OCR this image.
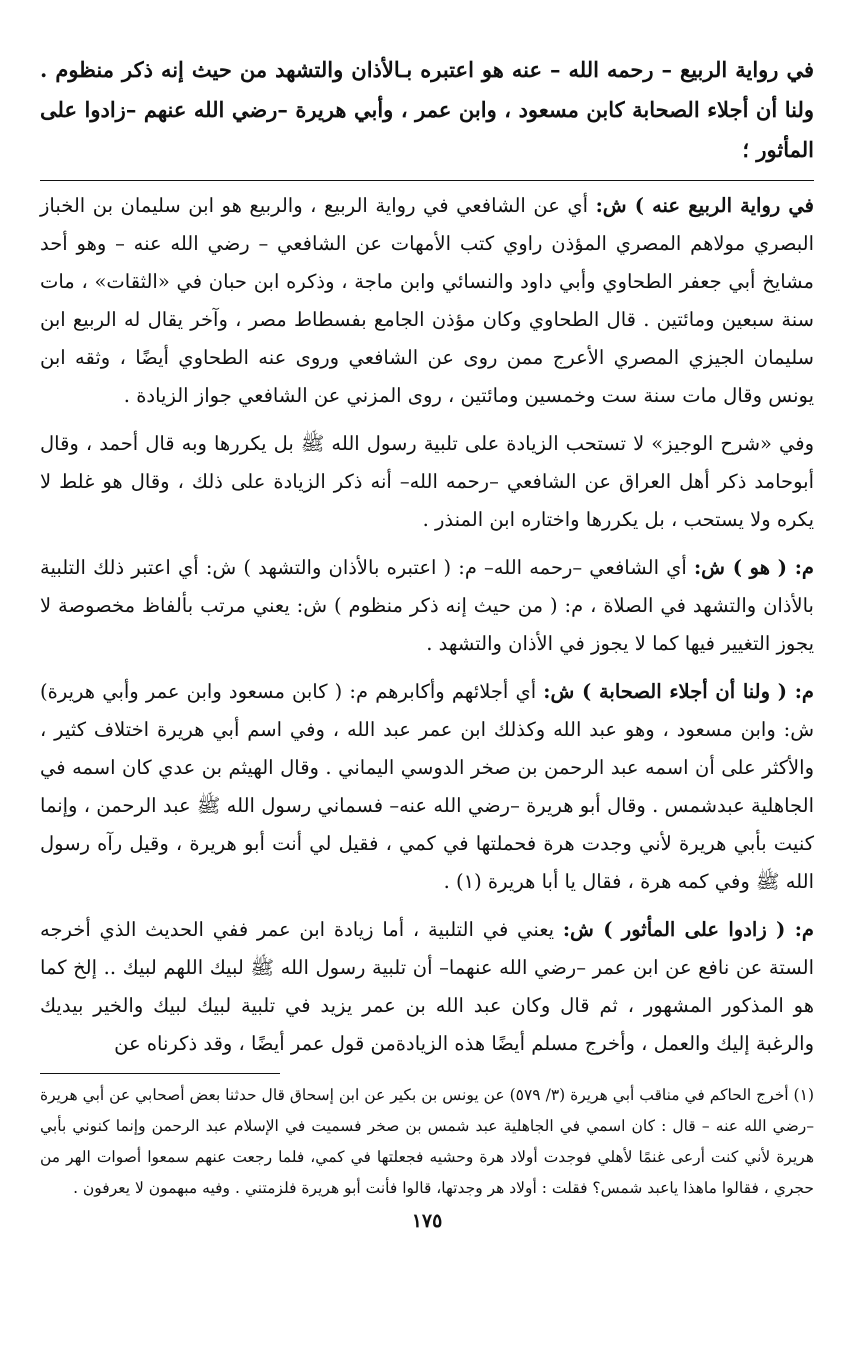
في رواية الربيع – رحمه الله – عنه هو اعتبره بـالأذان والتشهد من حيث إنه ذكر منظوم . ولنا أن أجلاء الصحابة كابن مسعود ، وابن عمر ، وأبي هريرة –رضي الله عنهم –زادوا على المأثور ؛

في رواية الربيع عنه ) ش: أي عن الشافعي في رواية الربيع ، والربيع هو ابن سليمان بن الخباز البصري مولاهم المصري المؤذن راوي كتب الأمهات عن الشافعي – رضي الله عنه – وهو أحد مشايخ أبي جعفر الطحاوي وأبي داود والنسائي وابن ماجة ، وذكره ابن حبان في «الثقات» ، مات سنة سبعين ومائتين . قال الطحاوي وكان مؤذن الجامع بفسطاط مصر ، وآخر يقال له الربيع ابن سليمان الجيزي المصري الأعرج ممن روى عن الشافعي وروى عنه الطحاوي أيضًا ، وثقه ابن يونس وقال مات سنة ست وخمسين ومائتين ، روى المزني عن الشافعي جواز الزيادة .

وفي «شرح الوجيز» لا تستحب الزيادة على تلبية رسول الله ﷺ بل يكررها وبه قال أحمد ، وقال أبوحامد ذكر أهل العراق عن الشافعي –رحمه الله– أنه ذكر الزيادة على ذلك ، وقال هو غلط لا يكره ولا يستحب ، بل يكررها واختاره ابن المنذر .

م: ( هو ) ش: أي الشافعي –رحمه الله– م: ( اعتبره بالأذان والتشهد ) ش: أي اعتبر ذلك التلبية بالأذان والتشهد في الصلاة ، م: ( من حيث إنه ذكر منظوم ) ش: يعني مرتب بألفاظ مخصوصة لا يجوز التغيير فيها كما لا يجوز في الأذان والتشهد .

م: ( ولنا أن أجلاء الصحابة ) ش: أي أجلائهم وأكابرهم م: ( كابن مسعود وابن عمر وأبي هريرة) ش: وابن مسعود ، وهو عبد الله وكذلك ابن عمر عبد الله ، وفي اسم أبي هريرة اختلاف كثير ، والأكثر على أن اسمه عبد الرحمن بن صخر الدوسي اليماني . وقال الهيثم بن عدي كان اسمه في الجاهلية عبدشمس . وقال أبو هريرة –رضي الله عنه– فسماني رسول الله ﷺ عبد الرحمن ، وإنما كنيت بأبي هريرة لأني وجدت هرة فحملتها في كمي ، فقيل لي أنت أبو هريرة ، وقيل رآه رسول الله ﷺ وفي كمه هرة ، فقال يا أبا هريرة (١) .

م: ( زادوا على المأثور ) ش: يعني في التلبية ، أما زيادة ابن عمر ففي الحديث الذي أخرجه الستة عن نافع عن ابن عمر –رضي الله عنهما– أن تلبية رسول الله ﷺ لبيك اللهم لبيك .. إلخ كما هو المذكور المشهور ، ثم قال وكان عبد الله بن عمر يزيد في تلبية لبيك لبيك والخير بيديك والرغبة إليك والعمل ، وأخرج مسلم أيضًا هذه الزيادةمن قول عمر أيضًا ، وقد ذكرناه عن

(١) أخرج الحاكم في مناقب أبي هريرة (٣/ ٥٧٩) عن يونس بن بكير عن ابن إسحاق قال حدثنا بعض أصحابي عن أبي هريرة –رضي الله عنه – قال : كان اسمي في الجاهلية عبد شمس بن صخر فسميت في الإسلام عبد الرحمن وإنما كنوني بأبي هريرة لأني كنت أرعى غنمًا لأهلي فوجدت أولاد هرة وحشيه فجعلتها في كمي، فلما رجعت عنهم سمعوا أصوات الهر من حجري ، فقالوا ماهذا ياعبد شمس؟ فقلت : أولاد هر وجدتها، قالوا فأنت أبو هريرة فلزمتني . وفيه مبهمون لا يعرفون .

١٧٥
